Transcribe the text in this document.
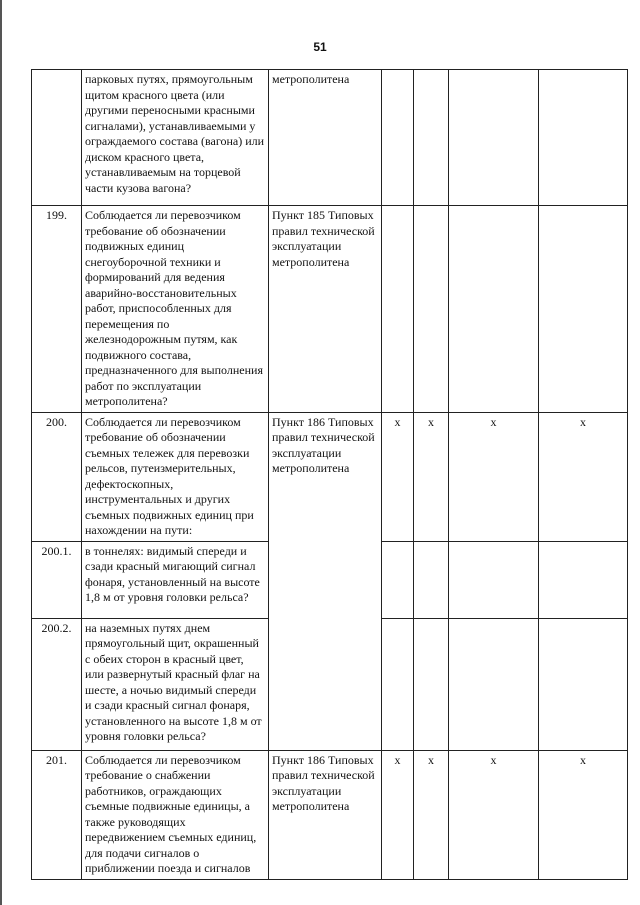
51
	парковых путях, прямоугольным щитом красного цвета (или другими переносными красными сигналами), устанавливаемыми у ограждаемого состава (вагона) или диском красного цвета, устанавливаемым на торцевой части кузова вагона?	метрополитена				
199.	Соблюдается ли перевозчиком требование об обозначении подвижных единиц снегоуборочной техники и формирований для ведения аварийно-восстановительных работ, приспособленных для перемещения по железнодорожным путям, как подвижного состава, предназначенного для выполнения работ по эксплуатации метрополитена?	Пункт 185 Типовых правил технической эксплуатации метрополитена				
200.	Соблюдается ли перевозчиком требование об обозначении съемных тележек для перевозки рельсов, путеизмерительных, дефектоскопных, инструментальных и других съемных подвижных единиц при нахождении на пути:	Пункт 186 Типовых правил технической эксплуатации метрополитена	x	x	x	x
200.1.	в тоннелях: видимый спереди и сзади красный мигающий сигнал фонаря, установленный на высоте 1,8 м от уровня головки рельса?					
200.2.	на наземных путях днем прямоугольный щит, окрашенный с обеих сторон в красный цвет, или развернутый красный флаг на шесте, а ночью видимый спереди и сзади красный сигнал фонаря, установленного на высоте 1,8 м от уровня головки рельса?					
201.	Соблюдается ли перевозчиком требование о снабжении работников, ограждающих съемные подвижные единицы, а также руководящих передвижением съемных единиц, для подачи сигналов о приближении поезда и сигналов	Пункт 186 Типовых правил технической эксплуатации метрополитена	x	x	x	x
